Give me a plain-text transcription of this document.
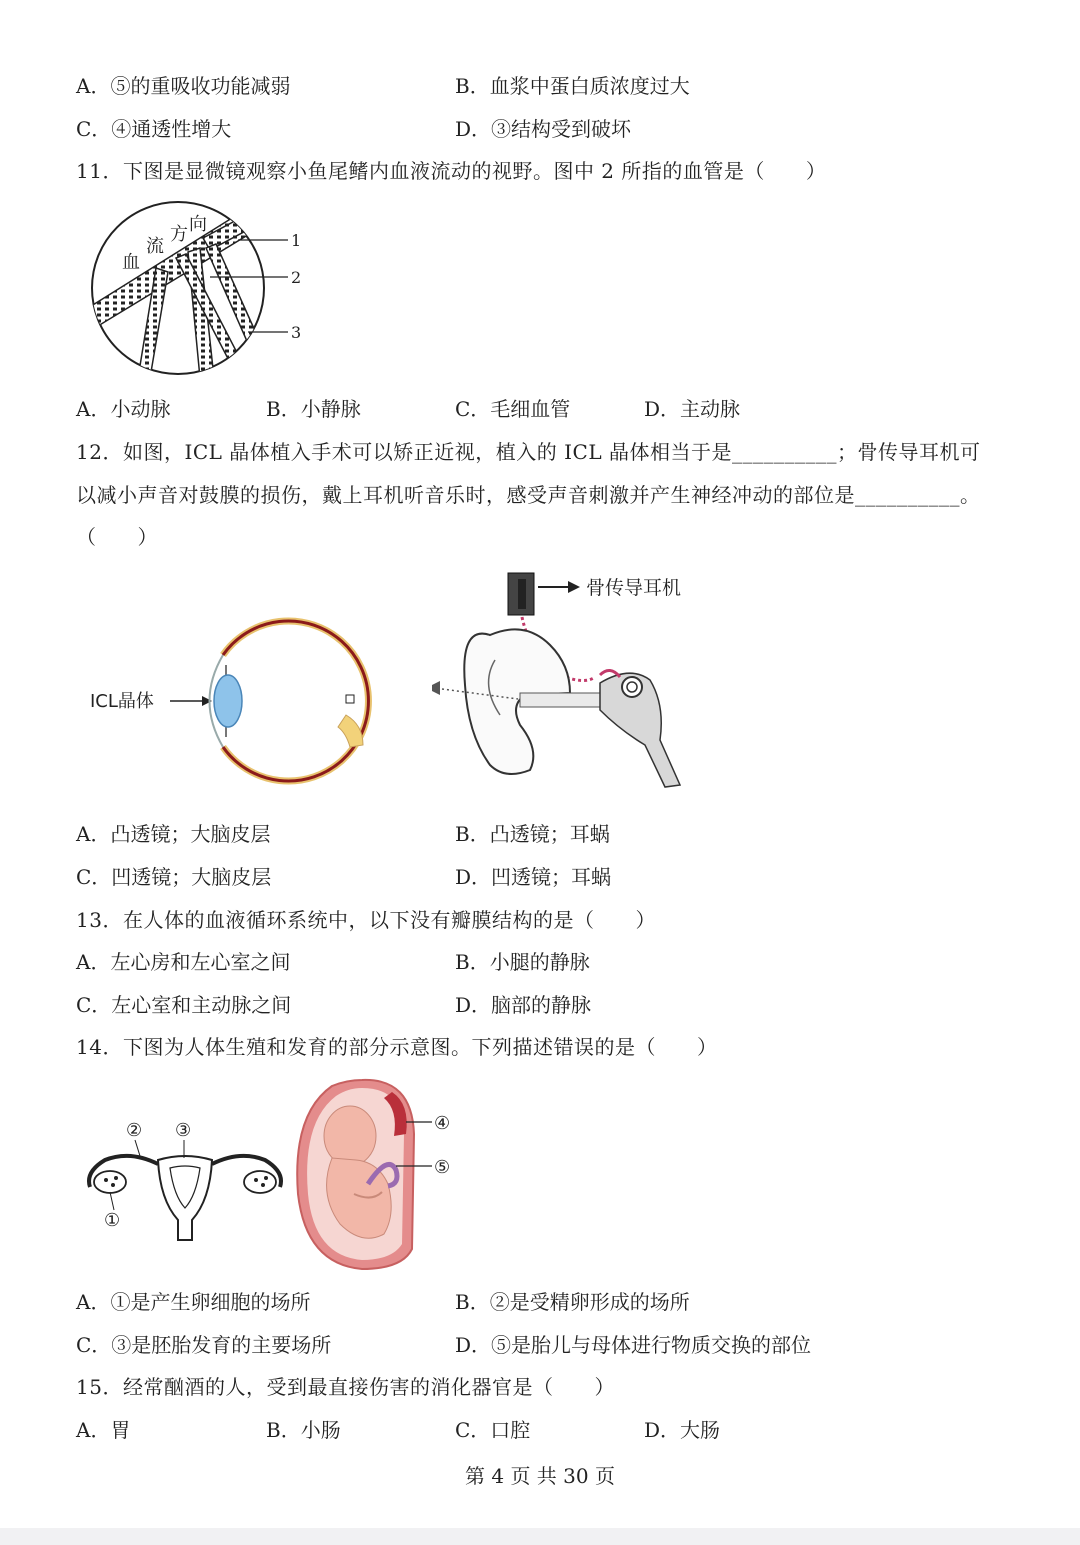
A．⑤的重吸收功能减弱	B．血浆中蛋白质浓度过大
C．④通透性增大	D．③结构受到破坏
11．下图是显微镜观察小鱼尾鳍内血液流动的视野。图中 2 所指的血管是（　　）
血
流
方 向
1
2
3
A．小动脉	B．小静脉	C．毛细血管	D．主动脉
12．如图，ICL 晶体植入手术可以矫正近视，植入的 ICL 晶体相当于是__________；骨传导耳机可
以减小声音对鼓膜的损伤，戴上耳机听音乐时，感受声音刺激并产生神经冲动的部位是__________。
（　　）
ICL晶体
骨传导耳机
A．凸透镜；大脑皮层	B．凸透镜；耳蜗
C．凹透镜；大脑皮层	D．凹透镜；耳蜗
13．在人体的血液循环系统中，以下没有瓣膜结构的是（　　）
A．左心房和左心室之间	B．小腿的静脉
C．左心室和主动脉之间	D．脑部的静脉
14．下图为人体生殖和发育的部分示意图。下列描述错误的是（　　）
② ③
①
④
⑤
A．①是产生卵细胞的场所	B．②是受精卵形成的场所
C．③是胚胎发育的主要场所	D．⑤是胎儿与母体进行物质交换的部位
15．经常酗酒的人，受到最直接伤害的消化器官是（　　）
A．胃	B．小肠	C．口腔	D．大肠
第 4 页 共 30 页
